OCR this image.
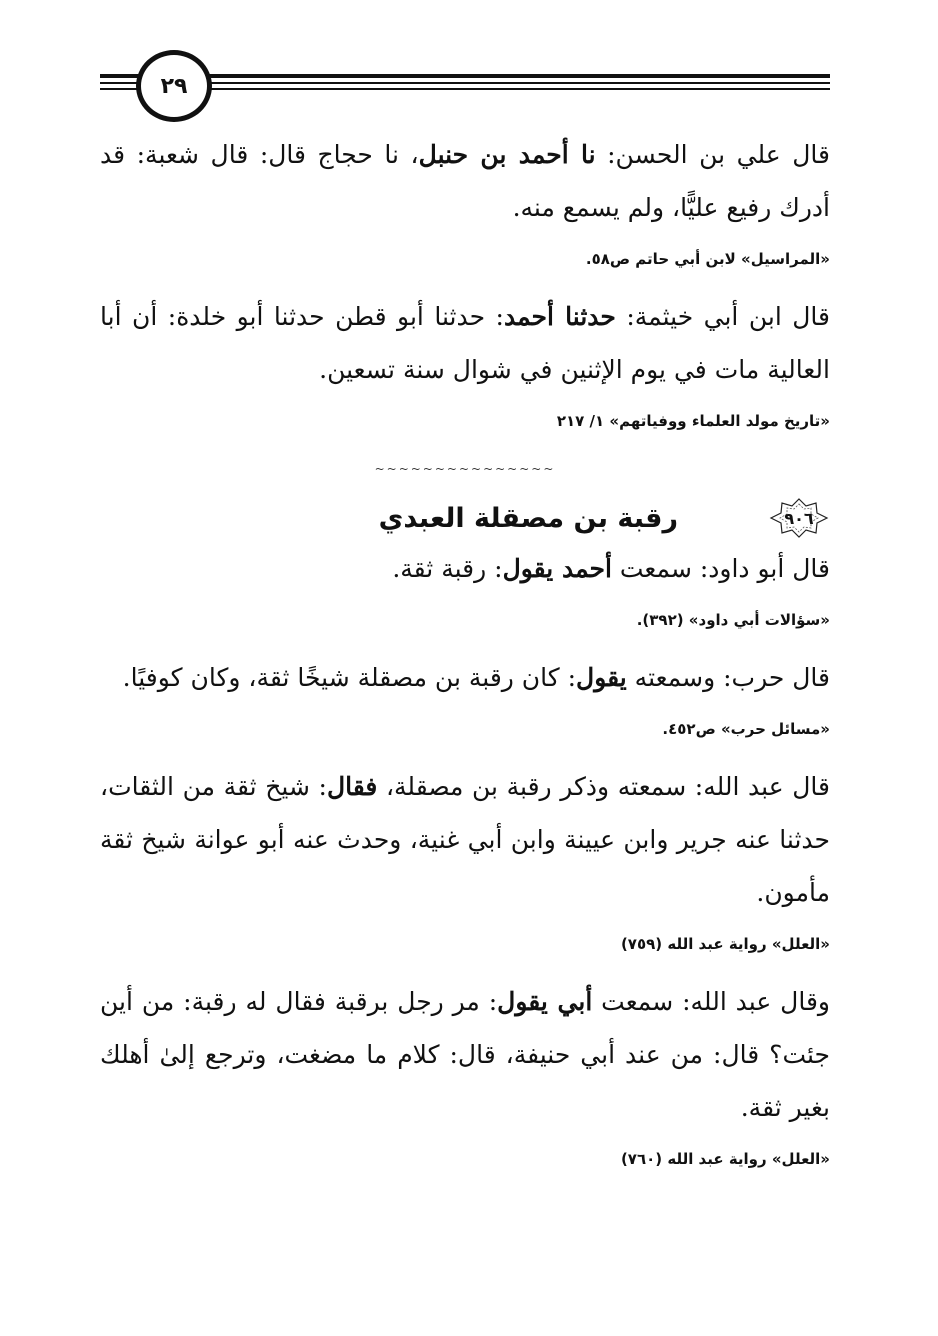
٢٩

قال علي بن الحسن: نا أحمد بن حنبل، نا حجاج قال: قال شعبة: قد أدرك رفيع عليًّا، ولم يسمع منه.

«المراسيل» لابن أبي حاتم ص٥٨.

قال ابن أبي خيثمة: حدثنا أحمد: حدثنا أبو قطن حدثنا أبو خلدة: أن أبا العالية مات في يوم الإثنين في شوال سنة تسعين.

«تاريخ مولد العلماء ووفياتهم» ١/ ٢١٧

~~~~~~~~~~~~~~~
٩٠٦
رقبة بن مصقلة العبدي

قال أبو داود: سمعت أحمد يقول: رقبة ثقة.

«سؤالات أبي داود» (٣٩٢).

قال حرب: وسمعته يقول: كان رقبة بن مصقلة شيخًا ثقة، وكان كوفيًا.

«مسائل حرب» ص٤٥٢.

قال عبد الله: سمعته وذكر رقبة بن مصقلة، فقال: شيخ ثقة من الثقات، حدثنا عنه جرير وابن عيينة وابن أبي غنية، وحدث عنه أبو عوانة شيخ ثقة مأمون.

«العلل» رواية عبد الله (٧٥٩)

وقال عبد الله: سمعت أبي يقول: مر رجل برقبة فقال له رقبة: من أين جئت؟ قال: من عند أبي حنيفة، قال: كلام ما مضغت، وترجع إلىٰ أهلك بغير ثقة.

«العلل» رواية عبد الله (٧٦٠)
